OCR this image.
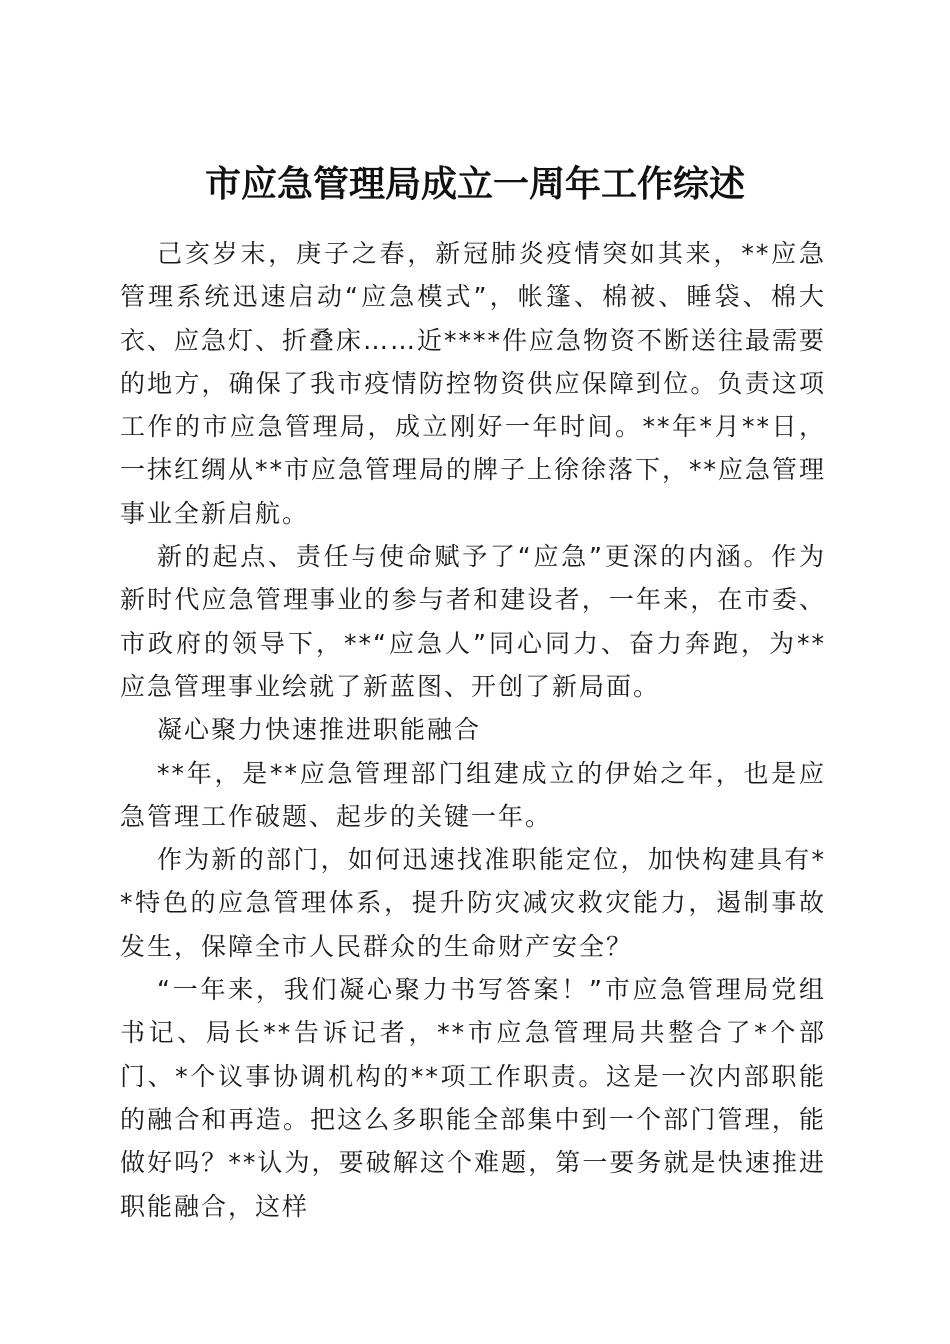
市应急管理局成立一周年工作综述

己亥岁末，庚子之春，新冠肺炎疫情突如其来，**应急管理系统迅速启动“应急模式”，帐篷、棉被、睡袋、棉大衣、应急灯、折叠床……近****件应急物资不断送往最需要的地方，确保了我市疫情防控物资供应保障到位。负责这项工作的市应急管理局，成立刚好一年时间。**年*月**日，一抹红绸从**市应急管理局的牌子上徐徐落下，**应急管理事业全新启航。

新的起点、责任与使命赋予了“应急”更深的内涵。作为新时代应急管理事业的参与者和建设者，一年来，在市委、市政府的领导下，**“应急人”同心同力、奋力奔跑，为**应急管理事业绘就了新蓝图、开创了新局面。

凝心聚力快速推进职能融合

**年，是**应急管理部门组建成立的伊始之年，也是应急管理工作破题、起步的关键一年。

作为新的部门，如何迅速找准职能定位，加快构建具有**特色的应急管理体系，提升防灾减灾救灾能力，遏制事故发生，保障全市人民群众的生命财产安全？

“一年来，我们凝心聚力书写答案！”市应急管理局党组书记、局长**告诉记者，**市应急管理局共整合了*个部门、*个议事协调机构的**项工作职责。这是一次内部职能的融合和再造。把这么多职能全部集中到一个部门管理，能做好吗？**认为，要破解这个难题，第一要务就是快速推进职能融合，这样
